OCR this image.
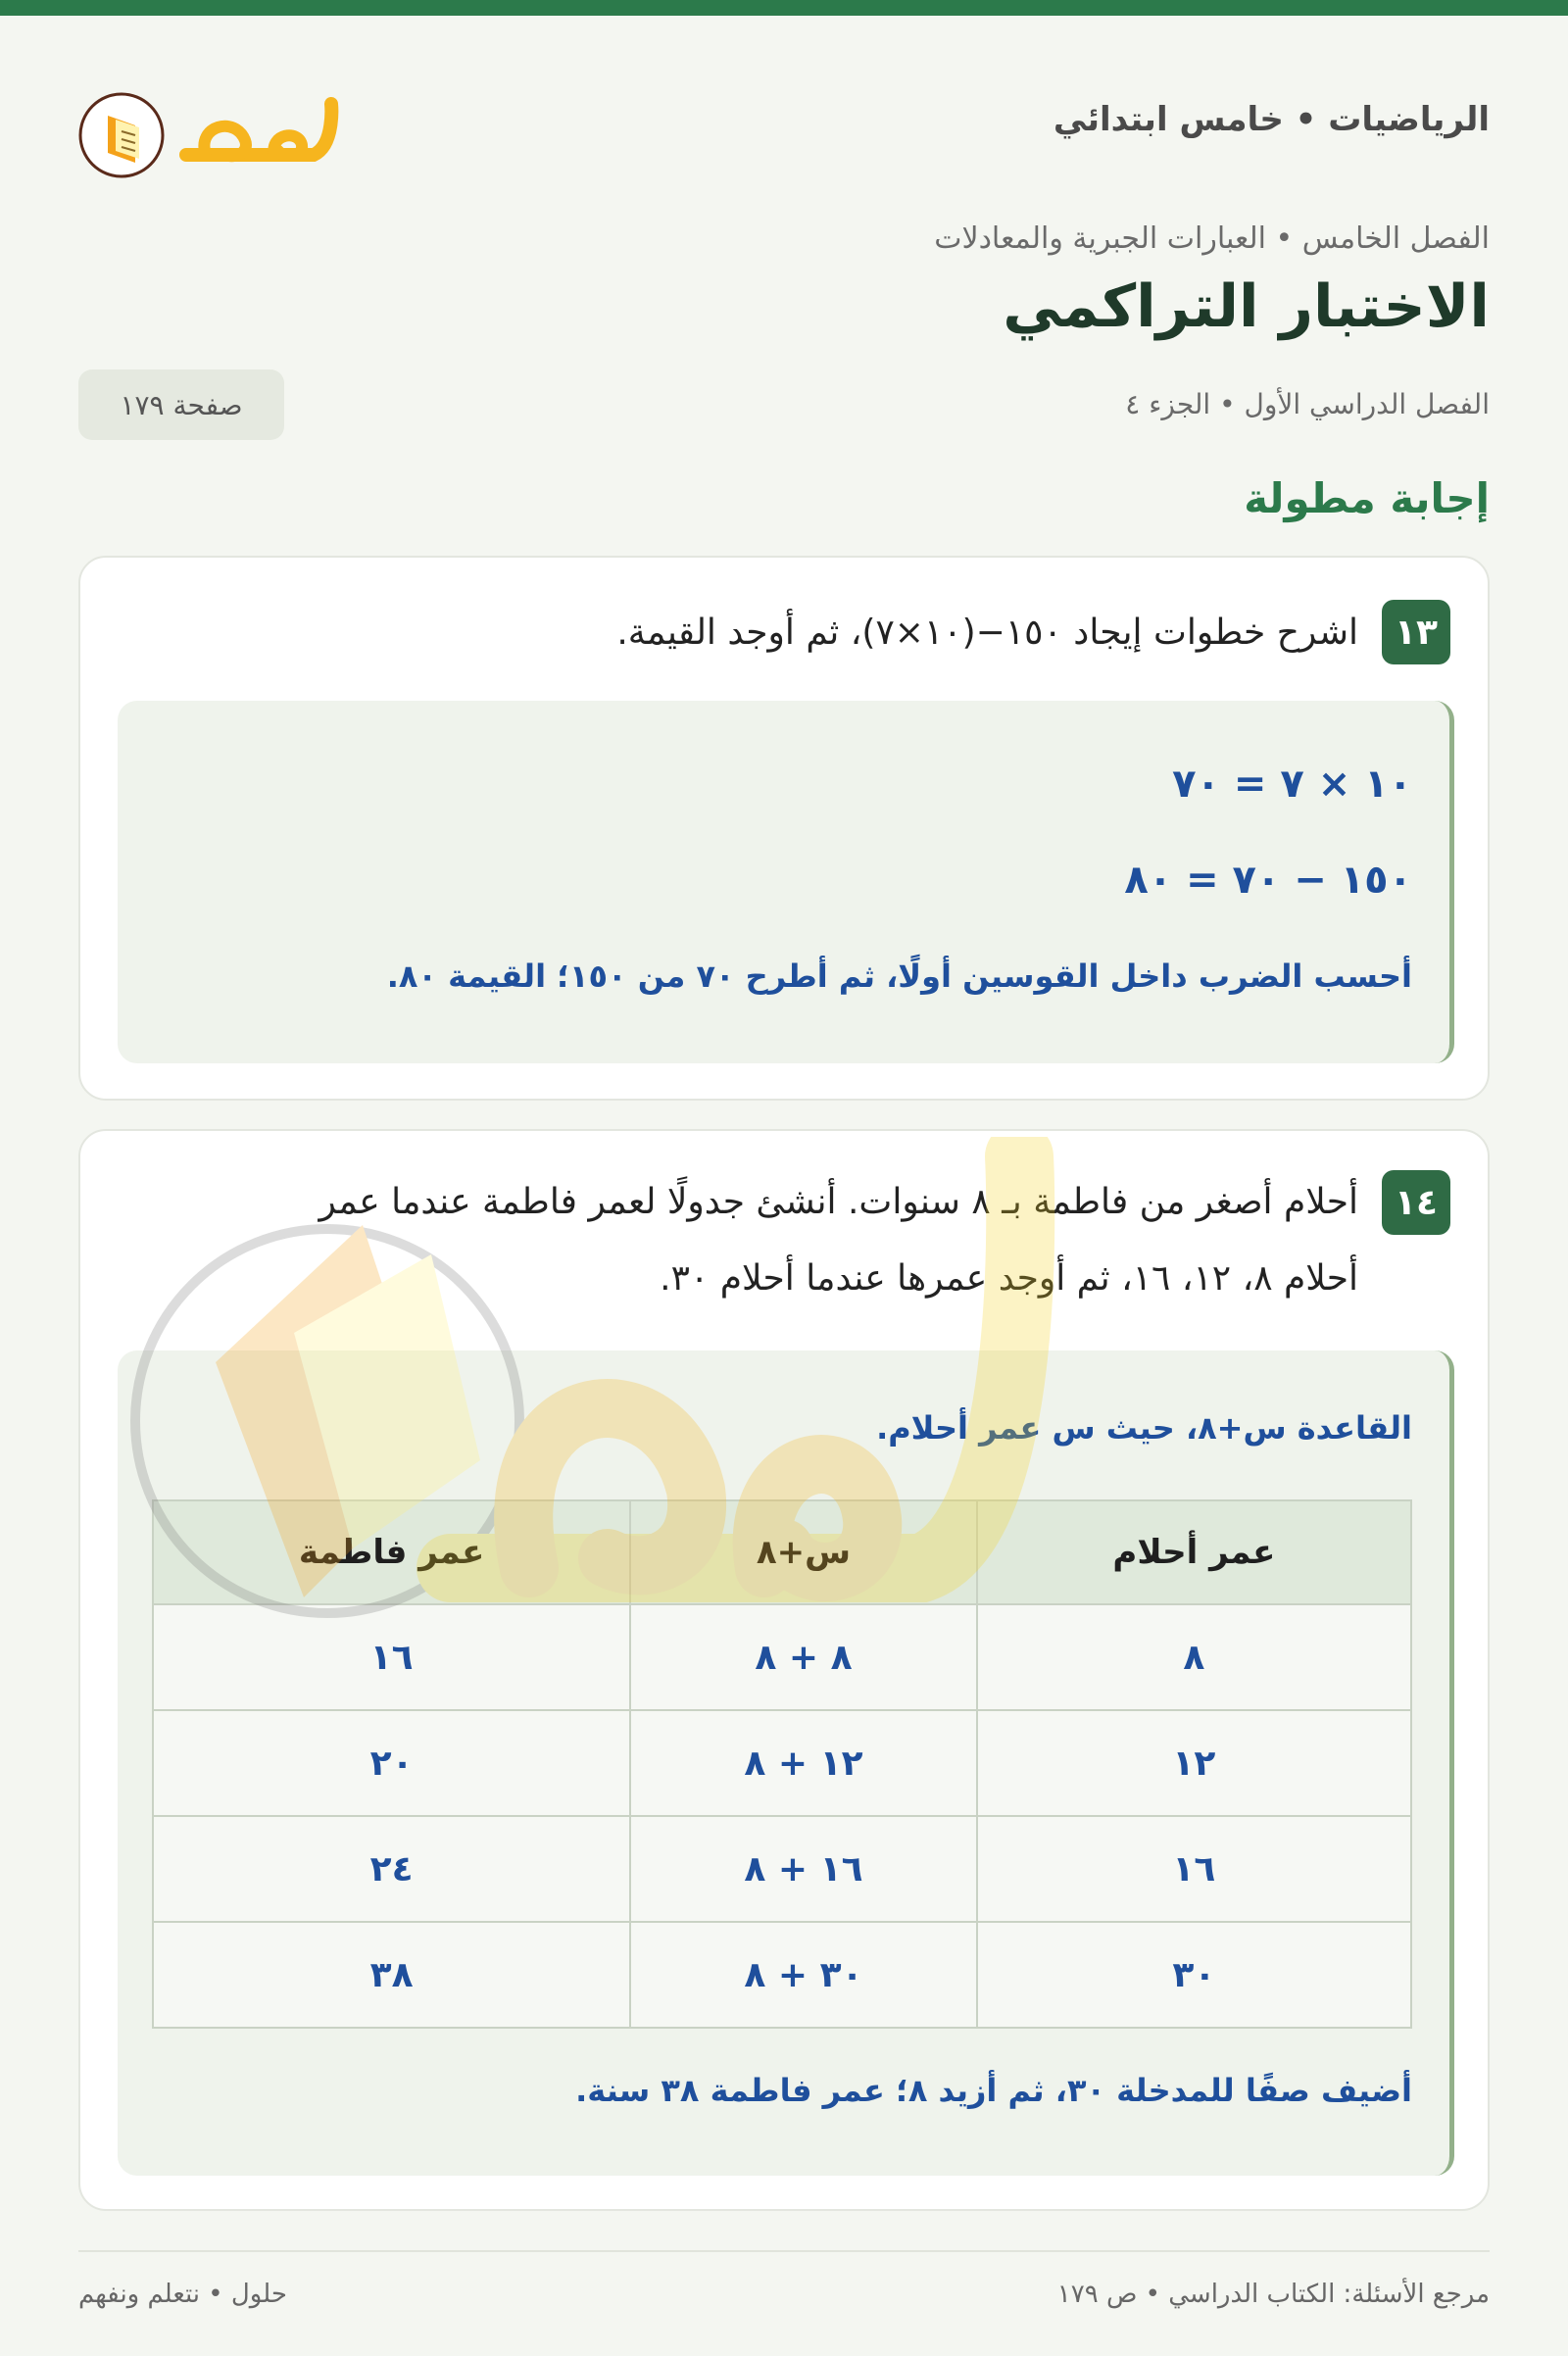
الرياضيات • خامس ابتدائي
الفصل الخامس • العبارات الجبرية والمعادلات
الاختبار التراكمي
الفصل الدراسي الأول • الجزء ٤
صفحة ١٧٩
إجابة مطولة
١٣
اشرح خطوات إيجاد ١٥٠−(١٠×٧)، ثم أوجد القيمة.
١٠ × ٧ = ٧٠
١٥٠ − ٧٠ = ٨٠
أحسب الضرب داخل القوسين أولًا، ثم أطرح ٧٠ من ١٥٠؛ القيمة ٨٠.
١٤
أحلام أصغر من فاطمة بـ ٨ سنوات. أنشئ جدولًا لعمر فاطمة عندما عمر
أحلام ٨، ١٢، ١٦، ثم أوجد عمرها عندما أحلام ٣٠.
القاعدة س+٨، حيث س عمر أحلام.
عمر أحلام	س+٨	عمر فاطمة
٨	٨ + ٨	١٦
١٢	١٢ + ٨	٢٠
١٦	١٦ + ٨	٢٤
٣٠	٣٠ + ٨	٣٨
أضيف صفًا للمدخلة ٣٠، ثم أزيد ٨؛ عمر فاطمة ٣٨ سنة.
مرجع الأسئلة: الكتاب الدراسي • ص ١٧٩
حلول • نتعلم ونفهم
